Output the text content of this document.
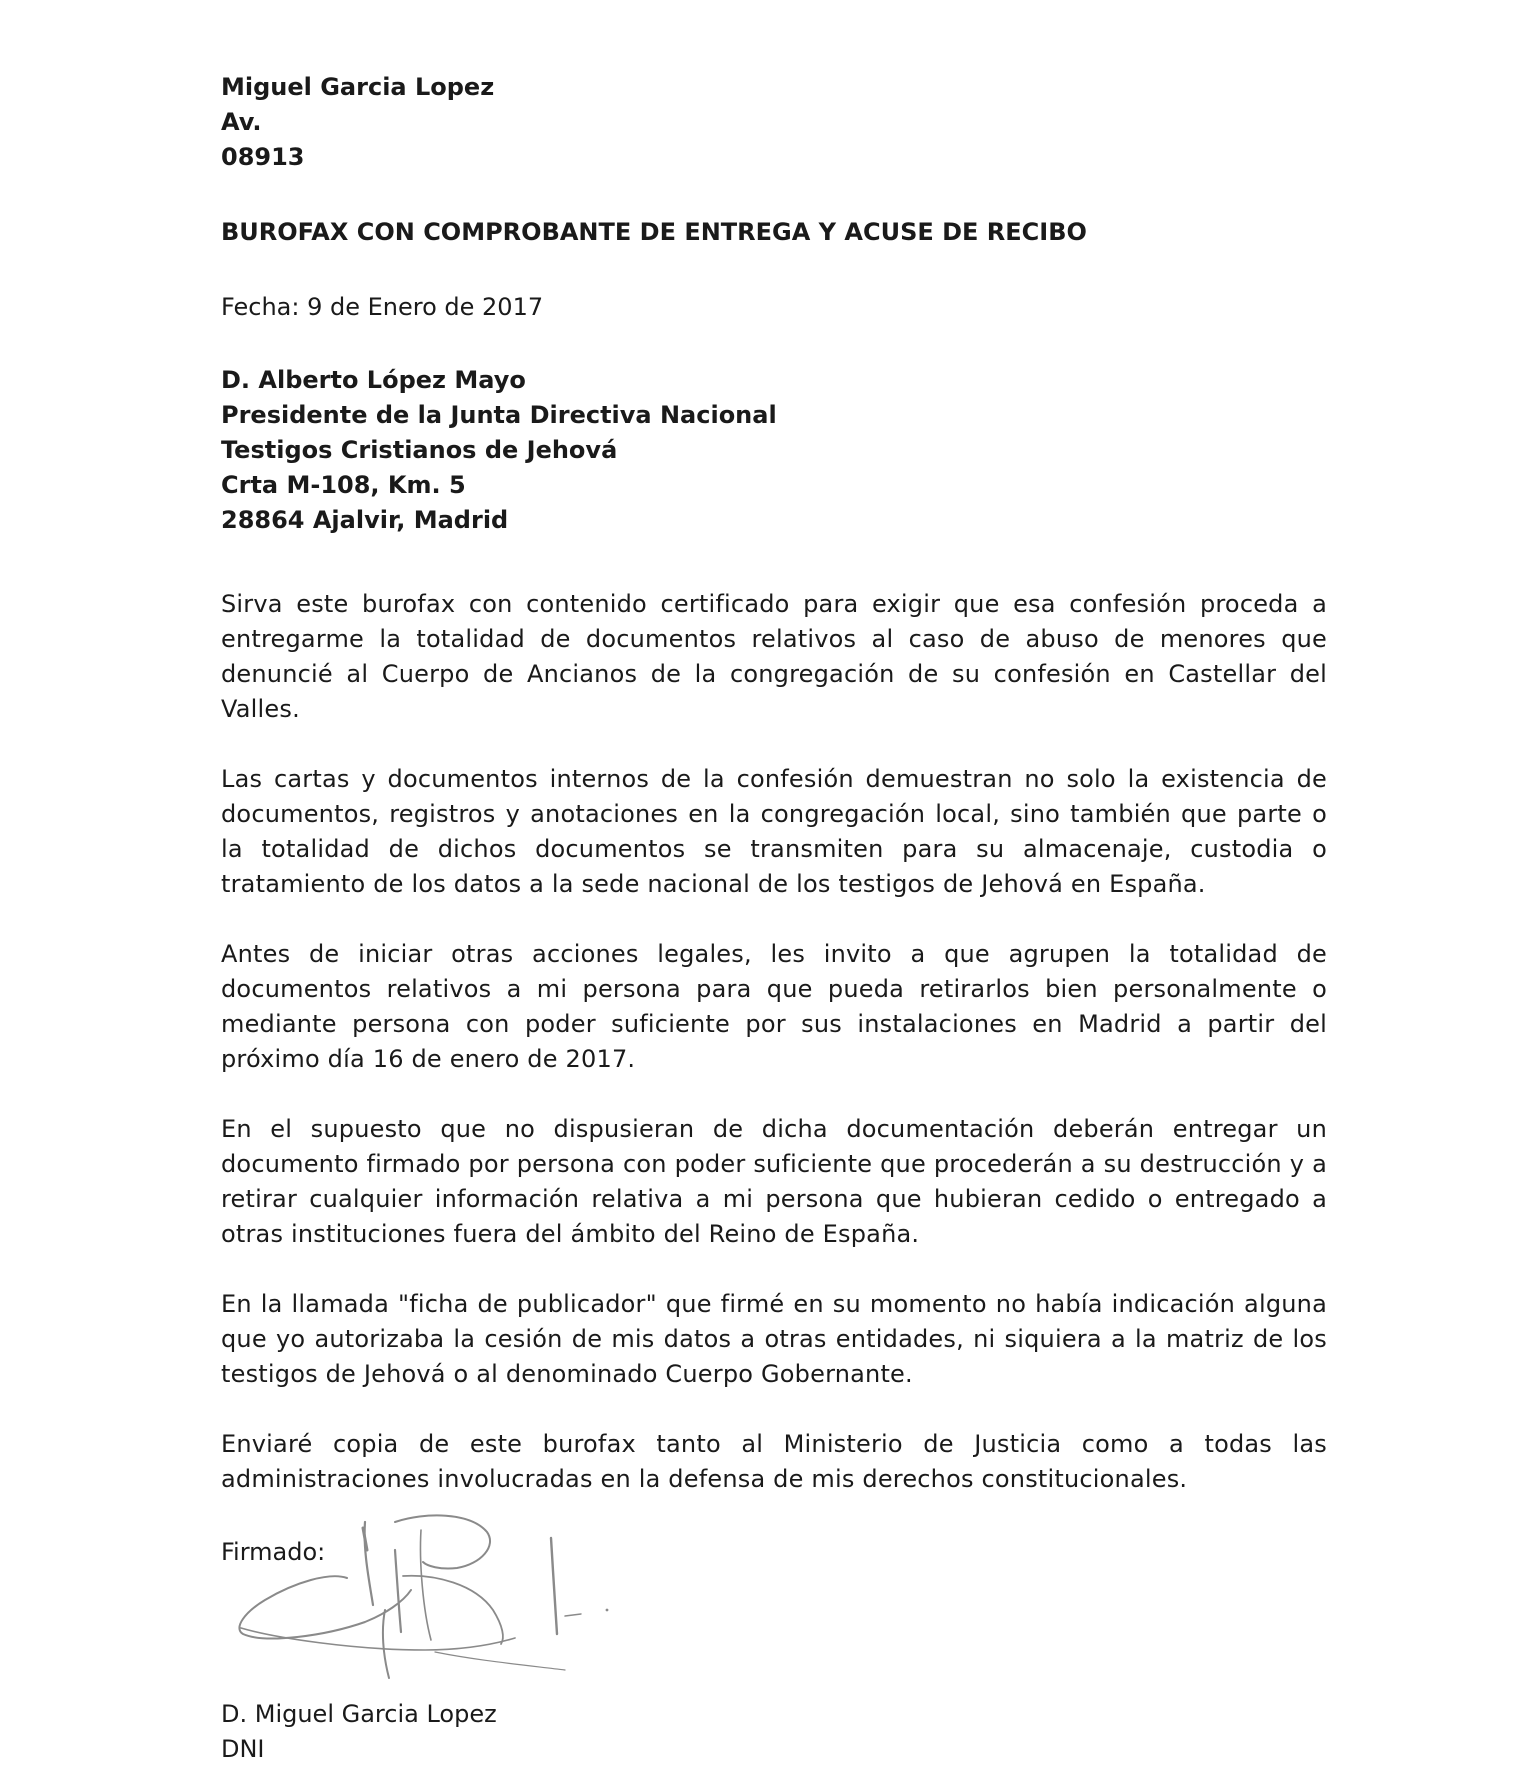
Miguel Garcia Lopez

Av.

08913

BUROFAX CON COMPROBANTE DE ENTREGA Y ACUSE DE RECIBO

Fecha: 9 de Enero de 2017

D. Alberto López Mayo

Presidente de la Junta Directiva Nacional

Testigos Cristianos de Jehová

Crta M-108, Km. 5

28864 Ajalvir, Madrid

Sirva este burofax con contenido certificado para exigir que esa confesión proceda a entregarme la totalidad de documentos relativos al caso de abuso de menores que denuncié al Cuerpo de Ancianos de la congregación de su confesión en Castellar del Valles.

Las cartas y documentos internos de la confesión demuestran no solo la existencia de documentos, registros y anotaciones en la congregación local, sino también que parte o la totalidad de dichos documentos se transmiten para su almacenaje, custodia o tratamiento de los datos a la sede nacional de los testigos de Jehová en España.

Antes de iniciar otras acciones legales, les invito a que agrupen la totalidad de documentos relativos a mi persona para que pueda retirarlos bien personalmente o mediante persona con poder suficiente por sus instalaciones en Madrid a partir del próximo día 16 de enero de 2017.

En el supuesto que no dispusieran de dicha documentación deberán entregar un documento firmado por persona con poder suficiente que procederán a su destrucción y a retirar cualquier información relativa a mi persona que hubieran cedido o entregado a otras instituciones fuera del ámbito del Reino de España.

En la llamada "ficha de publicador" que firmé en su momento no había indicación alguna que yo autorizaba la cesión de mis datos a otras entidades, ni siquiera a la matriz de los testigos de Jehová o al denominado Cuerpo Gobernante.

Enviaré copia de este burofax tanto al Ministerio de Justicia como a todas las administraciones involucradas en la defensa de mis derechos constitucionales.

Firmado:

D. Miguel Garcia Lopez

DNI
